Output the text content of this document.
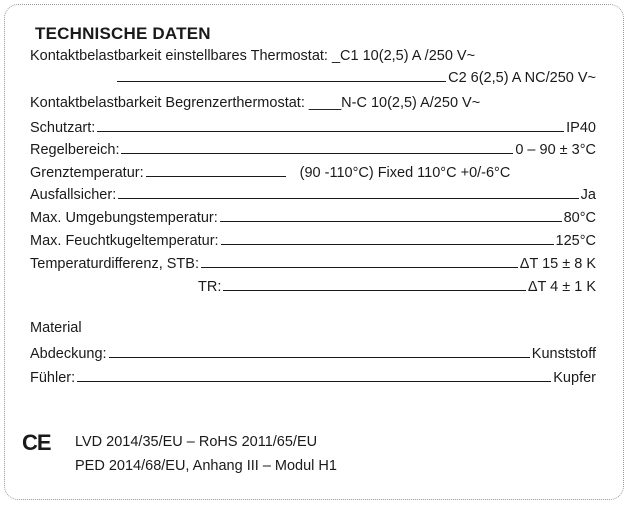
TECHNISCHE DATEN
Kontaktbelastbarkeit einstellbares Thermostat: _ C1 10(2,5) A /250 V~
C2 6(2,5) A NC/250 V~
Kontaktbelastbarkeit Begrenzerthermostat: ____ N-C 10(2,5) A/250 V~
Schutzart:	IP40
Regelbereich:	0 – 90 ± 3°C
Grenztemperatur:	(90 -110°C) Fixed 110°C +0/-6°C
Ausfallsicher:	Ja
Max. Umgebungstemperatur:	80°C
Max. Feuchtkugeltemperatur:	125°C
Temperaturdifferenz, STB:	ΔT 15 ± 8 K
TR:	ΔT 4 ± 1 K
Material
Abdeckung:	Kunststoff
Fühler:	Kupfer
CE LVD 2014/35/EU – RoHS 2011/65/EU
PED 2014/68/EU, Anhang III – Modul H1
